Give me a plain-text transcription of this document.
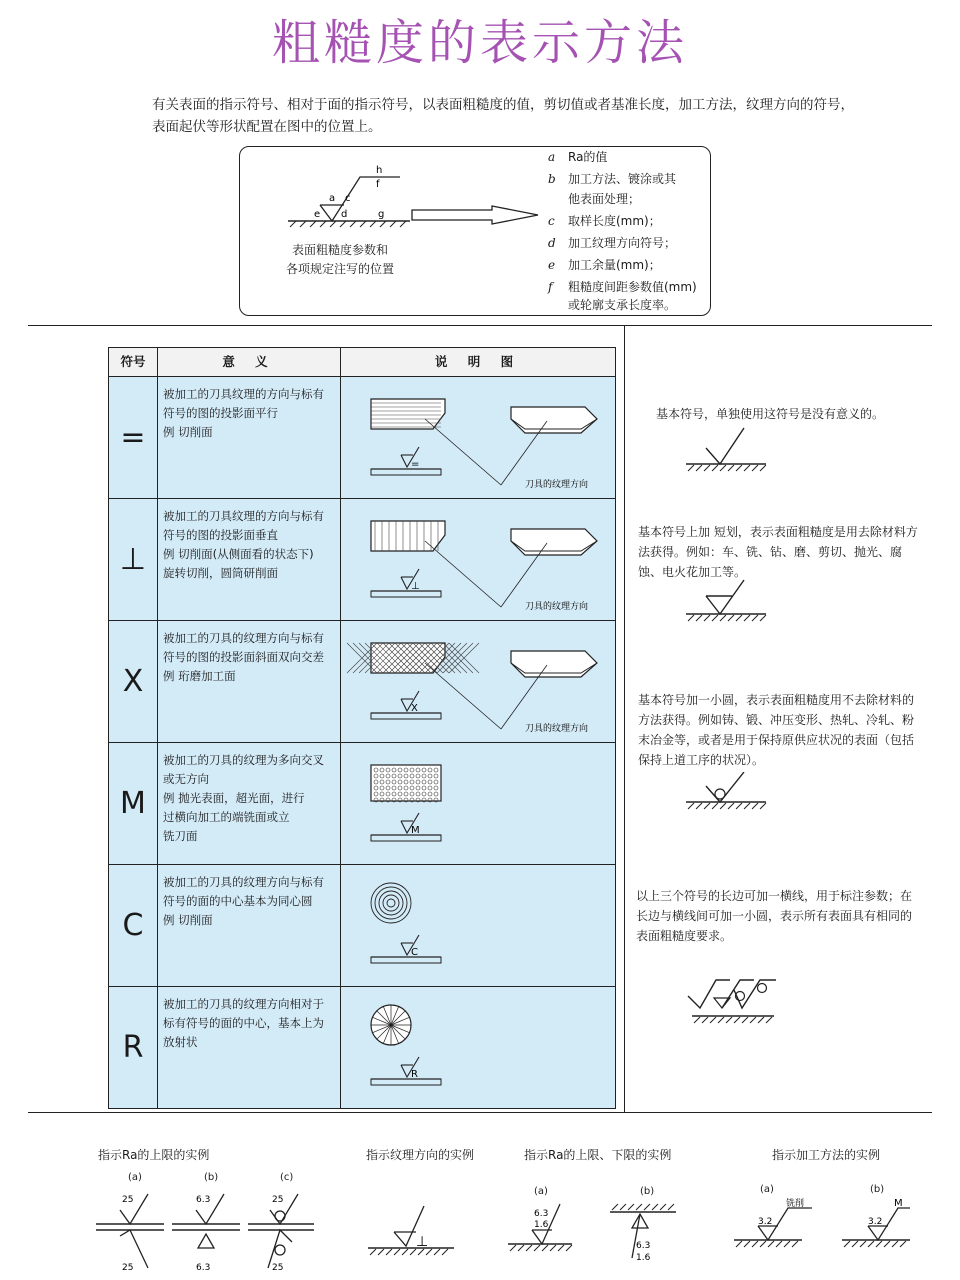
粗糙度的表示方法
有关表面的指示符号、相对于面的指示符号，以表面粗糙度的值，剪切值或者基准长度，加工方法，纹理方向的符号，表面起伏等形状配置在图中的位置上。
a c
e d	g
h
f
表面粗糙度参数和
各项规定注写的位置
a Ra的值
b 加工方法、镀涂或其
他表面处理；
c 取样长度(mm)；
d 加工纹理方向符号；
e 加工余量(mm)；
f 粗糙度间距参数值(mm)
或轮廓支承长度率。
符号	意 义	说 明 图
=
被加工的刀具纹理的方向与标有
符号的图的投影面平行
例 切削面
刀具的纹理方向
=
⊥
被加工的刀具纹理的方向与标有
符号的图的投影面垂直
例 切削面(从侧面看的状态下)
旋转切削，圆筒研削面
刀具的纹理方向
⊥
X
被加工的刀具的纹理方向与标有
符号的图的投影面斜面双向交差
例 珩磨加工面
刀具的纹理方向
X
M
被加工的刀具的纹理为多向交叉
或无方向
例 抛光表面，超光面，进行
过横向加工的端铣面或立
铣刀面	M
C
被加工的刀具的纹理方向与标有
符号的面的中心基本为同心圆
例 切削面
C
R
被加工的刀具的纹理方向相对于
标有符号的面的中心，基本上为
放射状
R
基本符号，单独使用这符号是没有意义的。
基本符号上加 短划，表示表面粗糙度是用去除材料方法获得。例如：车、铣、钻、磨、剪切、抛光、腐蚀、电火花加工等。
基本符号加一小圆，表示表面粗糙度用不去除材料的方法获得。例如铸、锻、冲压变形、热轧、冷轧、粉末冶金等，或者是用于保持原供应状况的表面（包括保持上道工序的状况）。
以上三个符号的长边可加一横线，用于标注参数；在长边与横线间可加一小圆，表示所有表面具有相同的表面粗糙度要求。
指示Ra的上限的实例	指示纹理方向的实例	指示Ra的上限、下限的实例	指示加工方法的实例
(a)	(b)	(c)
(a)	(b)	(a)	(b)
25
25
6.3
6.3
25
25
⊥
6.3
1.6
6.3
1.6
3.2
铣削
3.2
M
